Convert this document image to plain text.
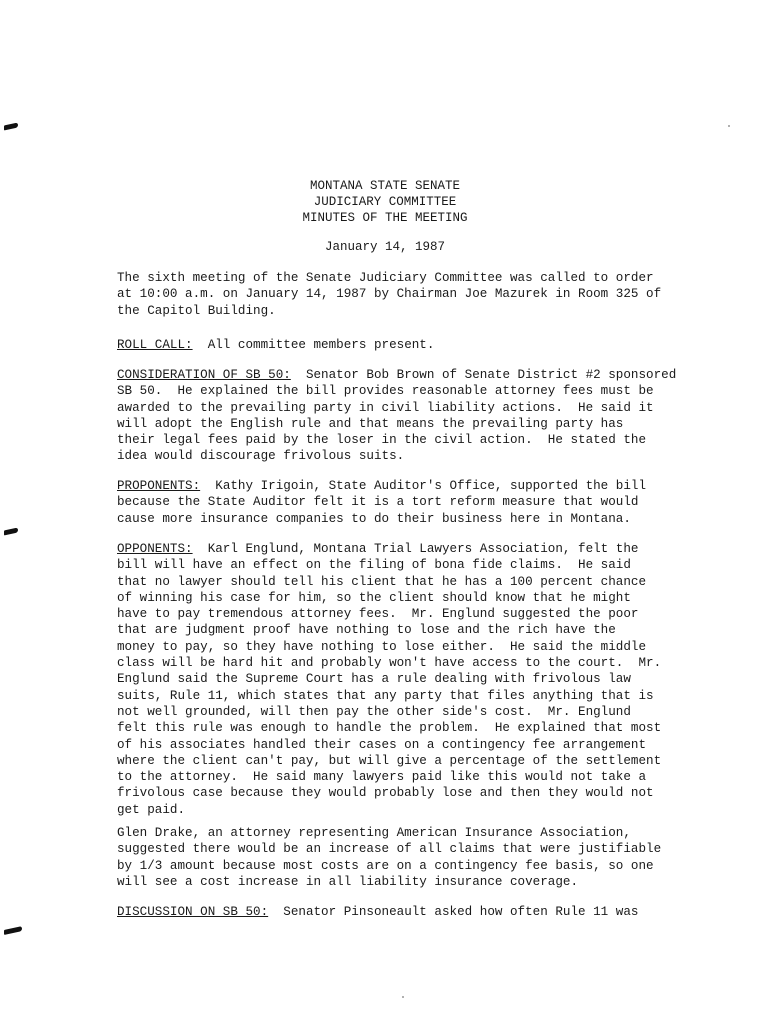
MONTANA STATE SENATE
JUDICIARY COMMITTEE
MINUTES OF THE MEETING
January 14, 1987
The sixth meeting of the Senate Judiciary Committee was called to order
at 10:00 a.m. on January 14, 1987 by Chairman Joe Mazurek in Room 325 of
the Capitol Building.
ROLL CALL:  All committee members present.
CONSIDERATION OF SB 50:  Senator Bob Brown of Senate District #2 sponsored
SB 50.  He explained the bill provides reasonable attorney fees must be
awarded to the prevailing party in civil liability actions.  He said it
will adopt the English rule and that means the prevailing party has
their legal fees paid by the loser in the civil action.  He stated the
idea would discourage frivolous suits.
PROPONENTS:  Kathy Irigoin, State Auditor's Office, supported the bill
because the State Auditor felt it is a tort reform measure that would
cause more insurance companies to do their business here in Montana.
OPPONENTS:  Karl Englund, Montana Trial Lawyers Association, felt the
bill will have an effect on the filing of bona fide claims.  He said
that no lawyer should tell his client that he has a 100 percent chance
of winning his case for him, so the client should know that he might
have to pay tremendous attorney fees.  Mr. Englund suggested the poor
that are judgment proof have nothing to lose and the rich have the
money to pay, so they have nothing to lose either.  He said the middle
class will be hard hit and probably won't have access to the court.  Mr.
Englund said the Supreme Court has a rule dealing with frivolous law
suits, Rule 11, which states that any party that files anything that is
not well grounded, will then pay the other side's cost.  Mr. Englund
felt this rule was enough to handle the problem.  He explained that most
of his associates handled their cases on a contingency fee arrangement
where the client can't pay, but will give a percentage of the settlement
to the attorney.  He said many lawyers paid like this would not take a
frivolous case because they would probably lose and then they would not
get paid.
Glen Drake, an attorney representing American Insurance Association,
suggested there would be an increase of all claims that were justifiable
by 1/3 amount because most costs are on a contingency fee basis, so one
will see a cost increase in all liability insurance coverage.
DISCUSSION ON SB 50:  Senator Pinsoneault asked how often Rule 11 was
